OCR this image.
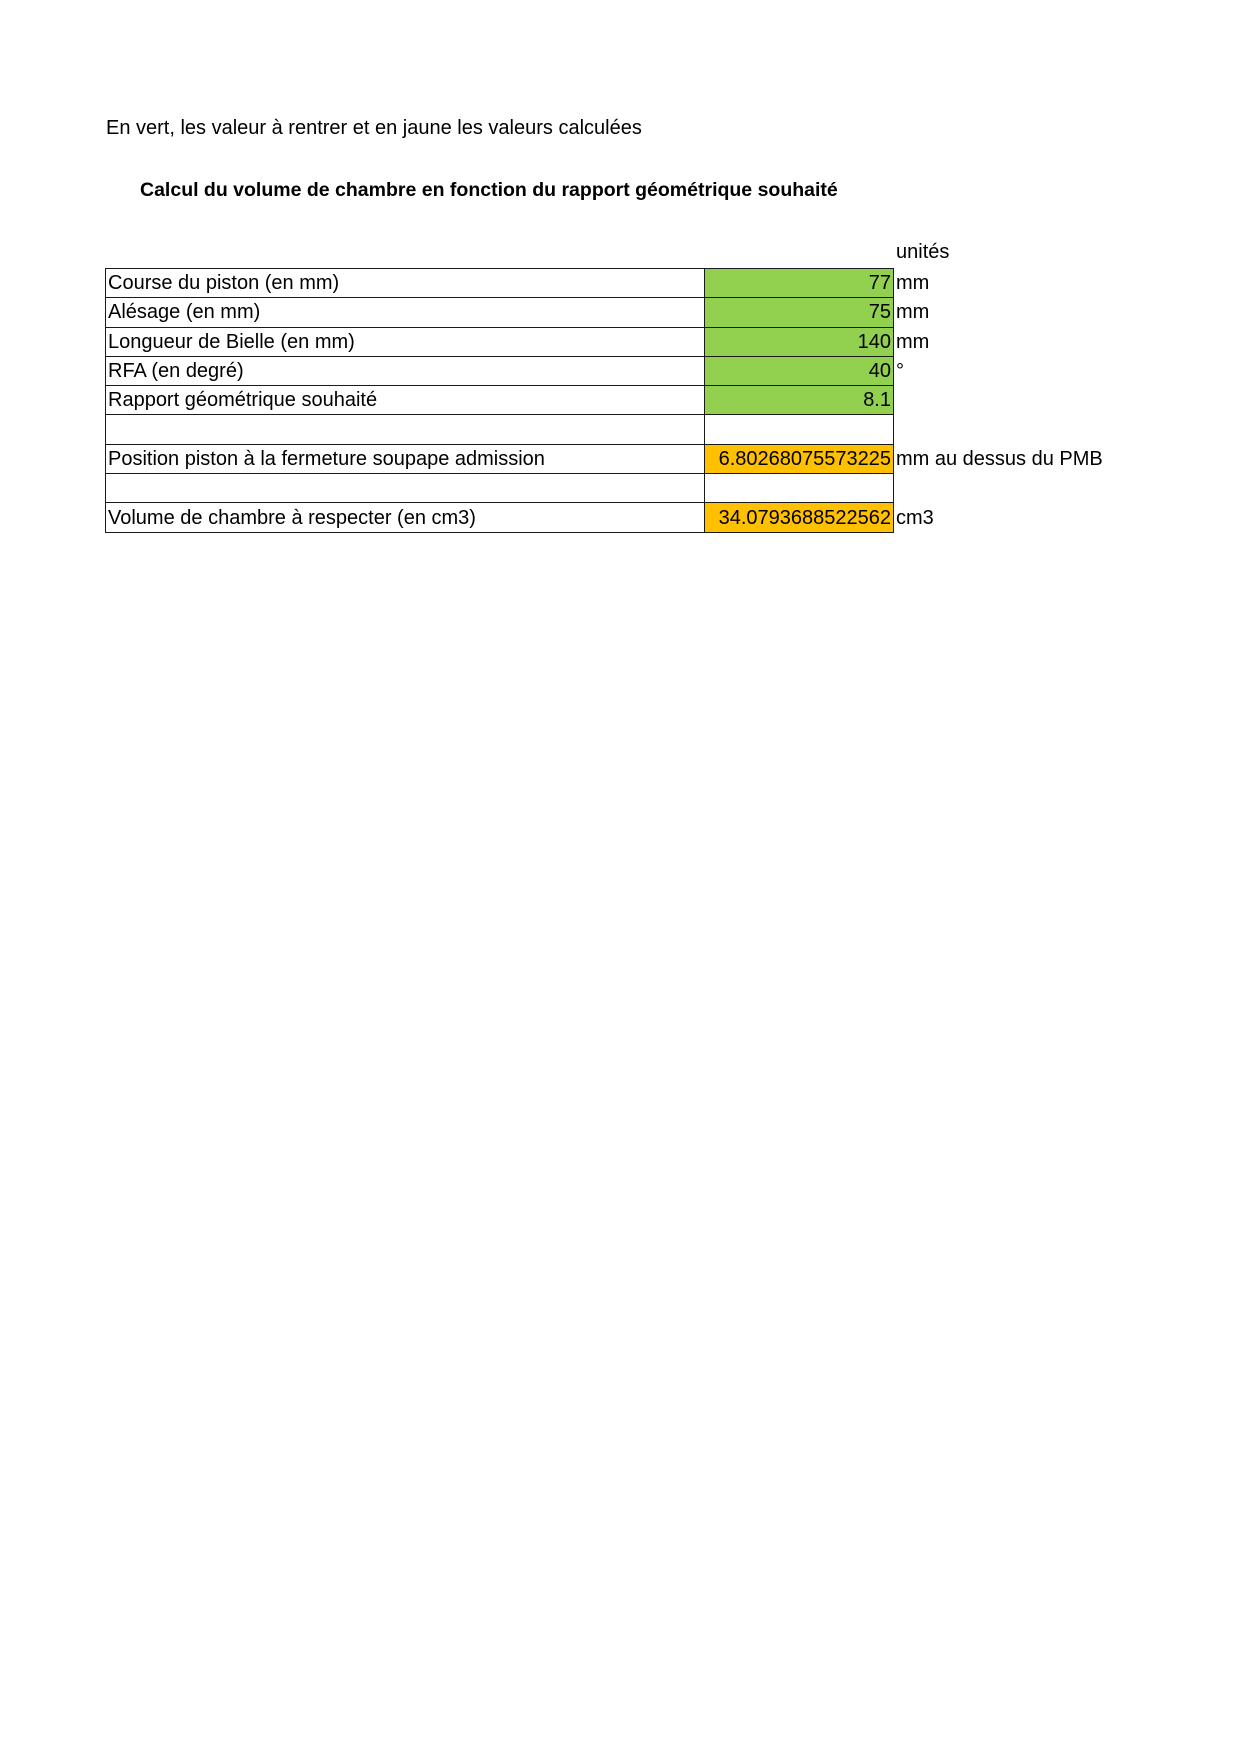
En vert, les valeur à rentrer et en jaune les valeurs calculées
Calcul du volume de chambre en fonction du rapport géométrique souhaité
unités
Course du piston (en mm)	77	mm
Alésage (en mm)	75	mm
Longueur de Bielle (en mm)	140	mm
RFA (en degré)	40	°
Rapport géométrique souhaité	8.1	

Position piston à la fermeture soupape admission	6.80268075573225	mm au dessus du PMB

Volume de chambre à respecter (en cm3)	34.0793688522562	cm3
